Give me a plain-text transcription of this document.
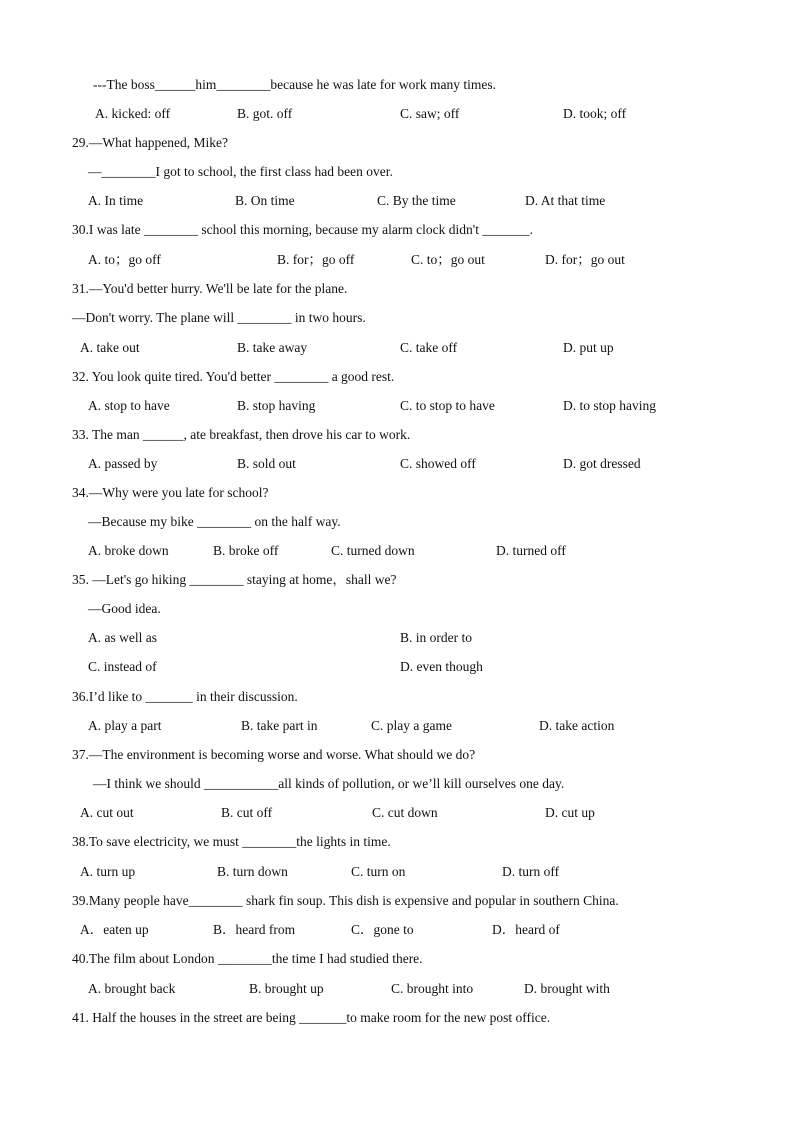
---The boss______him________because he was late for work many times.
A. kicked: off	B. got. off	C. saw; off	D. took; off
29.—What happened, Mike?
—________I got to school, the first class had been over.
A. In time	B. On time	C. By the time	D. At that time
30.I was late ________ school this morning, because my alarm clock didn't _______.
A. to；go off	B. for；go off	C. to；go out	D. for；go out
31.—You'd better hurry. We'll be late for the plane.
—Don't worry. The plane will ________ in two hours.
A. take out	B. take away	C. take off	D. put up
32. You look quite tired. You'd better ________ a good rest.
A. stop to have	B. stop having	C. to stop to have	D. to stop having
33. The man ______, ate breakfast, then drove his car to work.
A. passed by	B. sold out	C. showed off	D. got dressed
34.—Why were you late for school?
—Because my bike ________ on the half way.
A. broke down	B. broke off	C. turned down	D. turned off
35. —Let's go hiking ________ staying at home，shall we?
—Good idea.
A. as well as	B. in order to
C. instead of	D. even though
36.I’d like to _______ in their discussion.
A. play a part	B. take part in	C. play a game	D. take action
37.—The environment is becoming worse and worse. What should we do?
—I think we should ___________all kinds of pollution, or we’ll kill ourselves one day.
A. cut out	B. cut off	C. cut down	D. cut up
38.To save electricity, we must ________the lights in time.
A. turn up	B. turn down	C. turn on	D. turn off
39.Many people have________ shark fin soup. This dish is expensive and popular in southern China.
A．eaten up	B．heard from	C．gone to	D．heard of
40.The film about London ________the time I had studied there.
A. brought back	B. brought up	C. brought into	D. brought with
41. Half the houses in the street are being _______to make room for the new post office.
